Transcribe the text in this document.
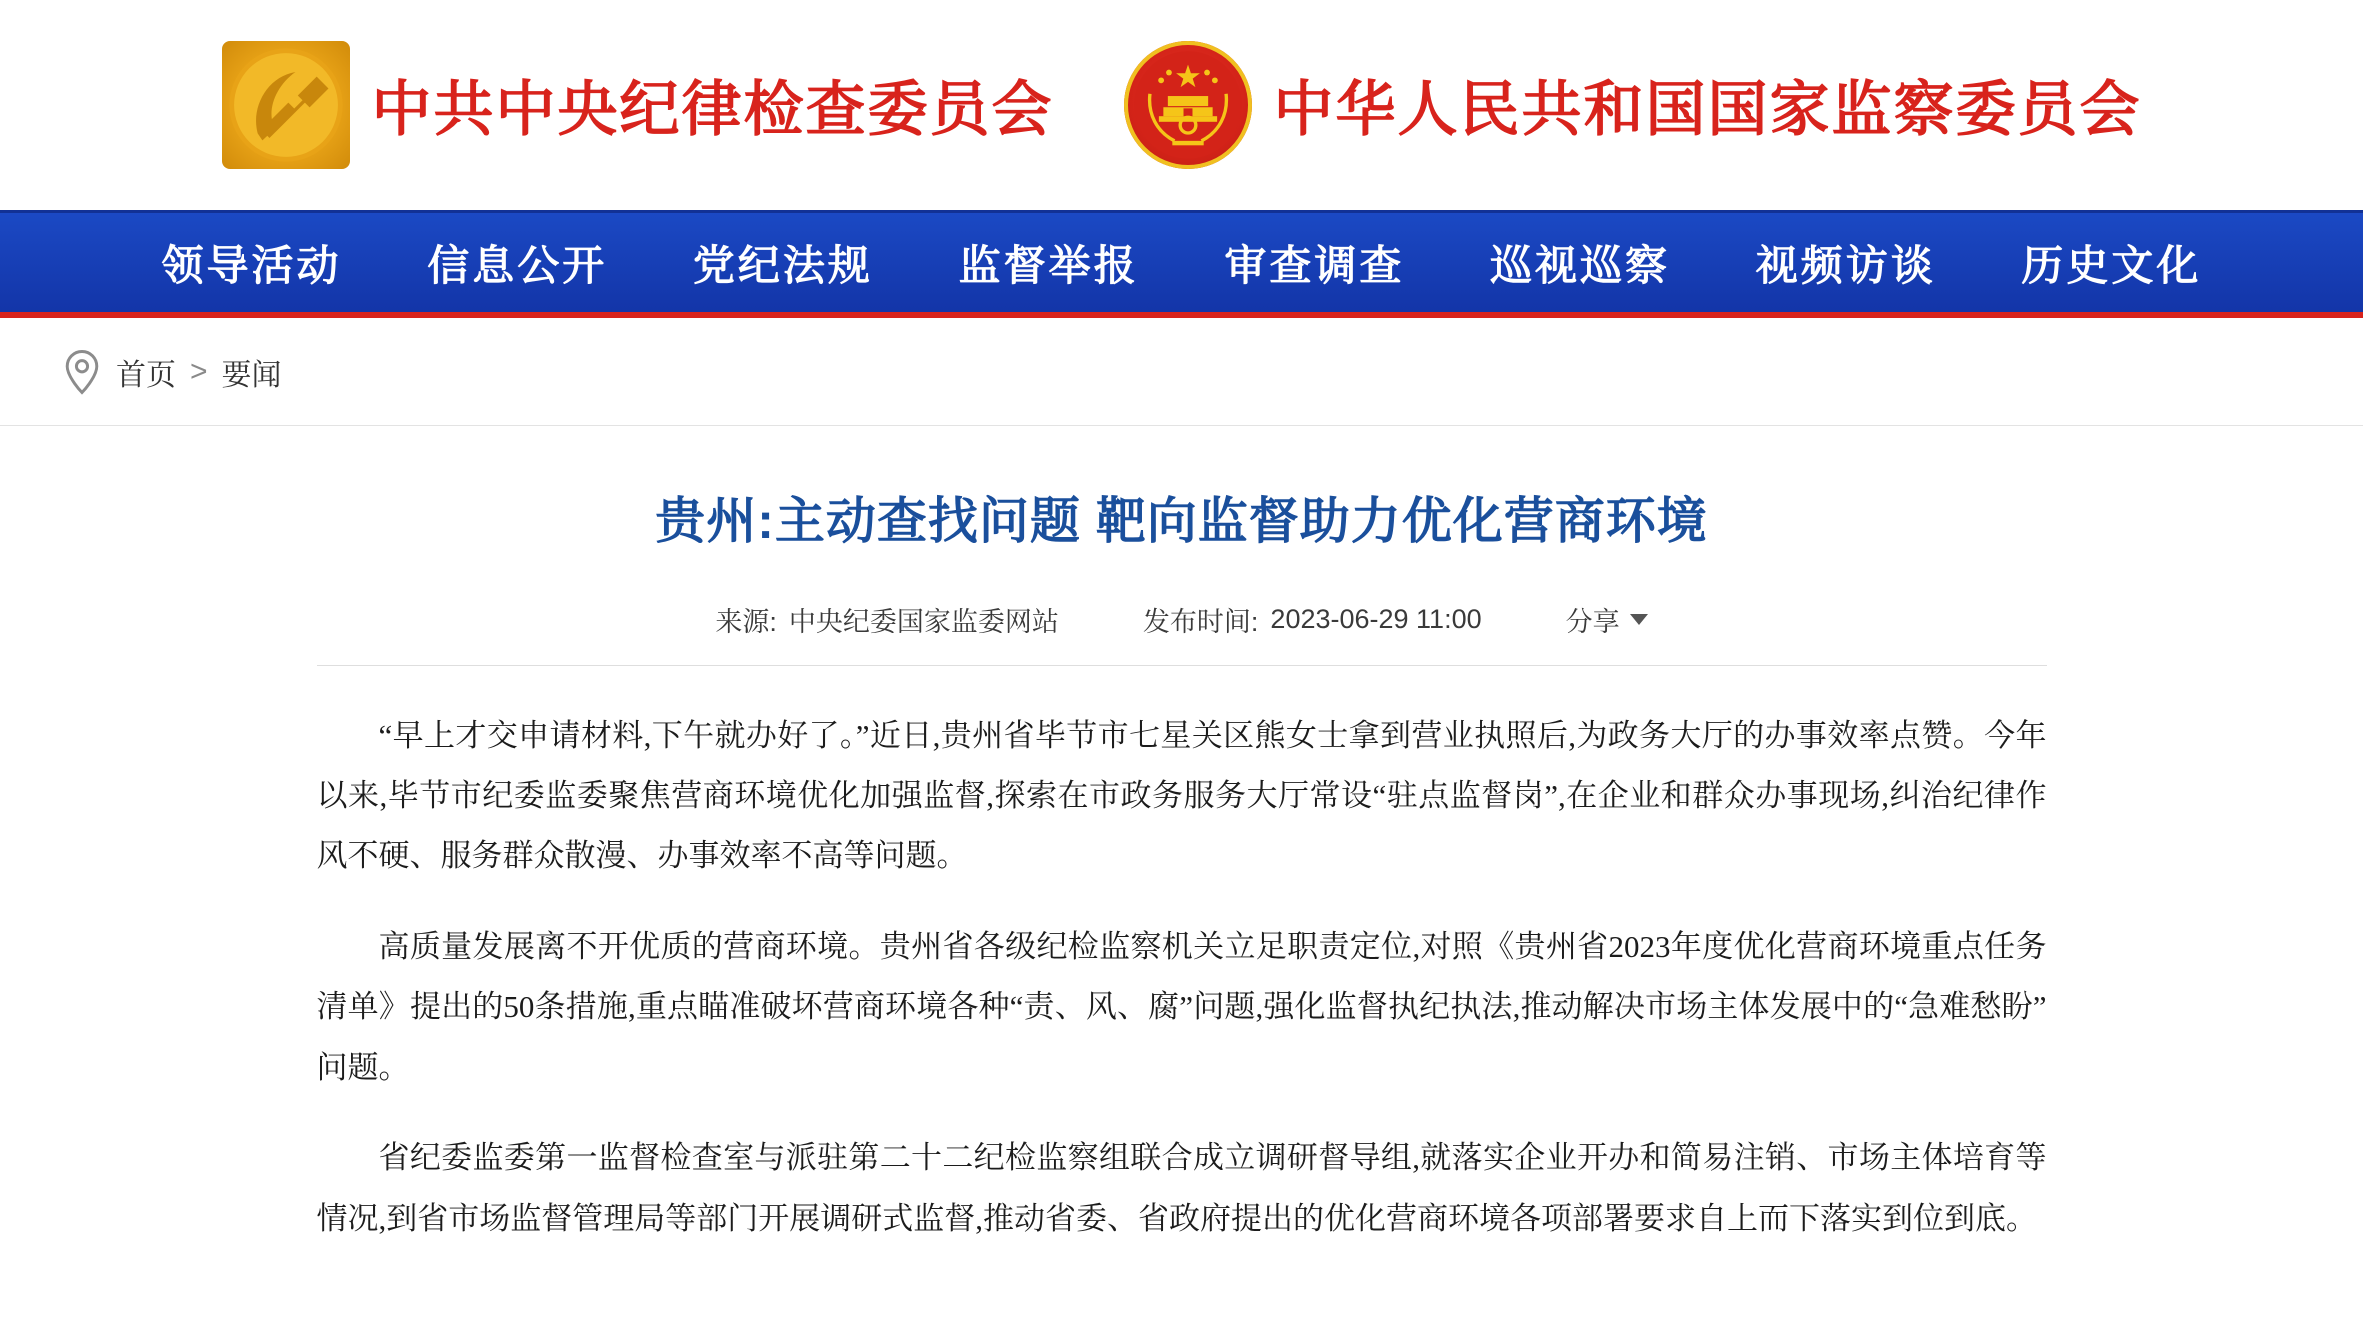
中共中央纪律检查委员会	中华人民共和国国家监察委员会
领导活动 信息公开 党纪法规 监督举报 审查调查 巡视巡察 视频访谈 历史文化
首页 > 要闻
贵州:主动查找问题 靶向监督助力优化营商环境
来源: 中央纪委国家监委网站	发布时间: 2023-06-29 11:00	分享

“早上才交申请材料,下午就办好了。”近日,贵州省毕节市七星关区熊女士拿到营业执照后,为政务大厅的办事效率点赞。今年以来,毕节市纪委监委聚焦营商环境优化加强监督,探索在市政务服务大厅常设“驻点监督岗”,在企业和群众办事现场,纠治纪律作风不硬、服务群众散漫、办事效率不高等问题。

高质量发展离不开优质的营商环境。贵州省各级纪检监察机关立足职责定位,对照《贵州省2023年度优化营商环境重点任务清单》提出的50条措施,重点瞄准破坏营商环境各种“责、风、腐”问题,强化监督执纪执法,推动解决市场主体发展中的“急难愁盼”问题。

省纪委监委第一监督检查室与派驻第二十二纪检监察组联合成立调研督导组,就落实企业开办和简易注销、市场主体培育等情况,到省市场监督管理局等部门开展调研式监督,推动省委、省政府提出的优化营商环境各项部署要求自上而下落实到位到底。
